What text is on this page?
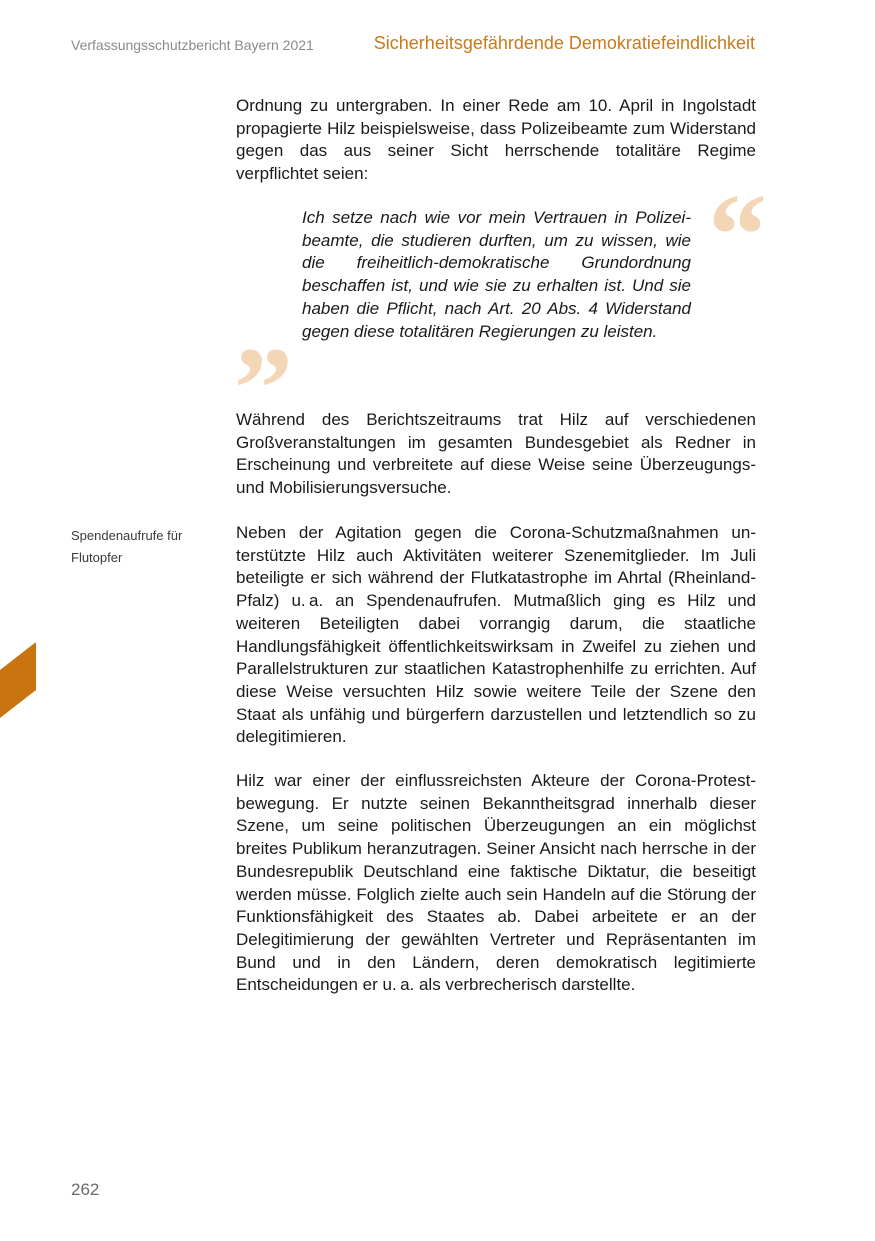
Verfassungsschutzbericht Bayern 2021	Sicherheitsgefährdende Demokratiefeindlichkeit

Ordnung zu untergraben. In einer Rede am 10. April in Ingolstadt propagierte Hilz beispielsweise, dass Polizeibeamte zum Widerstand gegen das aus seiner Sicht herrschende totalitäre Regime verpflichtet seien:	“

Ich setze nach wie vor mein Vertrauen in Polizeibeamte, die studieren durften, um zu wissen, wie die freiheitlich-demokratische Grundordnung beschaffen ist, und wie sie zu erhalten ist. Und sie haben die Pflicht, nach Art. 20 Abs. 4 Widerstand gegen diese totalitären Regierungen zu leisten.

”

Während des Berichtszeitraums trat Hilz auf verschiedenen Großveranstaltungen im gesamten Bundesgebiet als Redner in Erscheinung und verbreitete auf diese Weise seine Überzeugungs- und Mobilisierungsversuche.

Spendenaufrufe für Flutopfer

Neben der Agitation gegen die Corona-Schutzmaßnahmen unterstützte Hilz auch Aktivitäten weiterer Szenemitglieder. Im Juli beteiligte er sich während der Flutkatastrophe im Ahrtal (Rheinland-Pfalz) u. a. an Spendenaufrufen. Mutmaßlich ging es Hilz und weiteren Beteiligten dabei vorrangig darum, die staatliche Handlungsfähigkeit öffentlichkeitswirksam in Zweifel zu ziehen und Parallelstrukturen zur staatlichen Katastrophenhilfe zu errichten. Auf diese Weise versuchten Hilz sowie weitere Teile der Szene den Staat als unfähig und bürgerfern darzustellen und letztendlich so zu delegitimieren.

Hilz war einer der einflussreichsten Akteure der Corona-Protestbewegung. Er nutzte seinen Bekanntheitsgrad innerhalb dieser Szene, um seine politischen Überzeugungen an ein möglichst breites Publikum heranzutragen. Seiner Ansicht nach herrsche in der Bundesrepublik Deutschland eine faktische Diktatur, die beseitigt werden müsse. Folglich zielte auch sein Handeln auf die Störung der Funktionsfähigkeit des Staates ab. Dabei arbeitete er an der Delegitimierung der gewählten Vertreter und Repräsentanten im Bund und in den Ländern, deren demokratisch legitimierte Entscheidungen er u. a. als verbrecherisch darstellte.

262
